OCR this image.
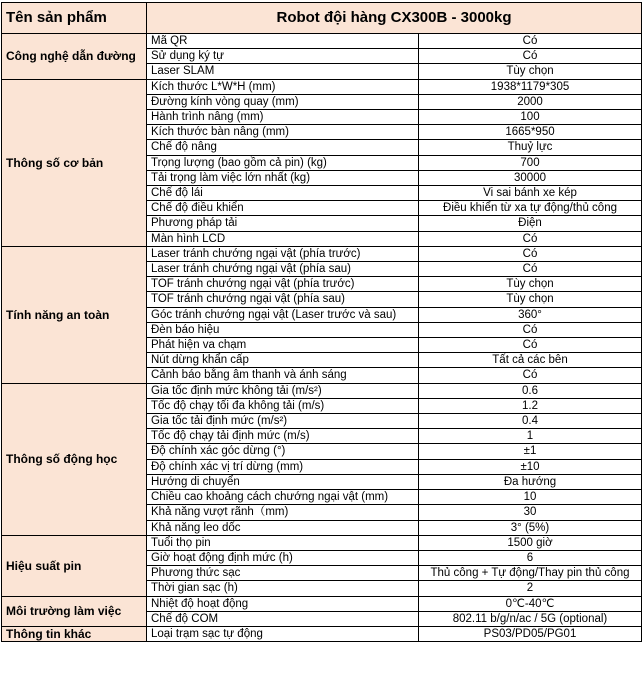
Tên sản phẩm	Robot đội hàng CX300B - 3000kg	
Công nghệ dẫn đường	Mã QR	Có
	Sử dụng ký tự	Có
	Laser SLAM	Tùy chọn
Thông số cơ bản	Kích thước L*W*H (mm)	1938*1179*305
	Đường kính vòng quay (mm)	2000
	Hành trình nâng (mm)	100
	Kích thước bàn nâng (mm)	1665*950
	Chế độ nâng	Thuỷ lực
	Trọng lượng (bao gồm cả pin) (kg)	700
	Tải trọng làm việc lớn nhất (kg)	30000
	Chế độ lái	Vi sai bánh xe kép
	Chế độ điều khiển	Điều khiển từ xa tự động/thủ công
	Phương pháp tải	Điện
	Màn hình LCD	Có
Tính năng an toàn	Laser tránh chướng ngại vật (phía trước)	Có
	Laser tránh chướng ngại vật (phía sau)	Có
	TOF tránh chướng ngại vật (phía trước)	Tùy chọn
	TOF tránh chướng ngại vật (phía sau)	Tùy chọn
	Góc tránh chướng ngại vật (Laser trước và sau)	360°
	Đèn báo hiệu	Có
	Phát hiện va chạm	Có
	Nút dừng khẩn cấp	Tất cả các bên
	Cảnh báo bằng âm thanh và ánh sáng	Có
Thông số động học	Gia tốc định mức không tải (m/s²)	0.6
	Tốc độ chạy tối đa không tải (m/s)	1.2
	Gia tốc tải định mức (m/s²)	0.4
	Tốc độ chạy tải định mức (m/s)	1
	Độ chính xác góc dừng (°)	±1
	Độ chính xác vị trí dừng (mm)	±10
	Hướng di chuyển	Đa hướng
	Chiều cao khoảng cách chướng ngại vật (mm)	10
	Khả năng vượt rãnh（mm)	30
	Khả năng leo dốc	3° (5%)
Hiệu suất pin	Tuổi thọ pin	1500 giờ
	Giờ hoạt động định mức (h)	6
	Phương thức sạc	Thủ công + Tự động/Thay pin thủ công
	Thời gian sạc (h)	2
Môi trường làm việc	Nhiệt độ hoạt động	0℃-40℃
	Chế độ COM	802.11 b/g/n/ac / 5G (optional)
Thông tin khác	Loại trạm sạc tự động	PS03/PD05/PG01
